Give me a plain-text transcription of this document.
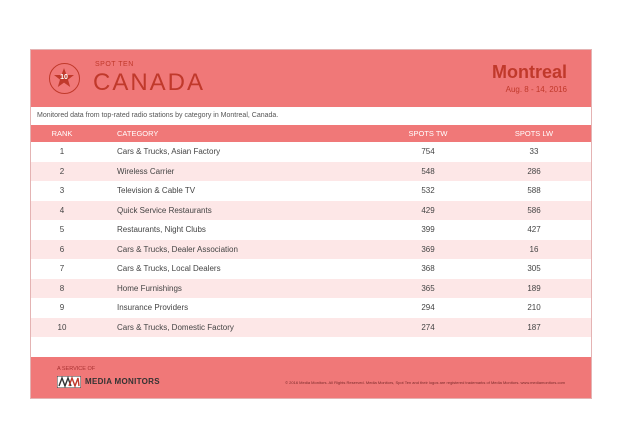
10
SPOT TEN
CANADA	Montreal
Aug. 8 - 14, 2016
Monitored data from top-rated radio stations by category in Montreal, Canada.
RANK	CATEGORY	SPOTS TW	SPOTS LW
1	Cars & Trucks, Asian Factory	754	33
2	Wireless Carrier	548	286
3	Television & Cable TV	532	588
4	Quick Service Restaurants	429	586
5	Restaurants, Night Clubs	399	427
6	Cars & Trucks, Dealer Association	369	16
7	Cars & Trucks, Local Dealers	368	305
8	Home Furnishings	365	189
9	Insurance Providers	294	210
10	Cars & Trucks, Domestic Factory	274	187
A SERVICE OF
MEDIA MONITORS	© 2016 Media Monitors. All Rights Reserved. Media Monitors, Spot Ten and their logos are registered trademarks of Media Monitors. www.mediamonitors.com
